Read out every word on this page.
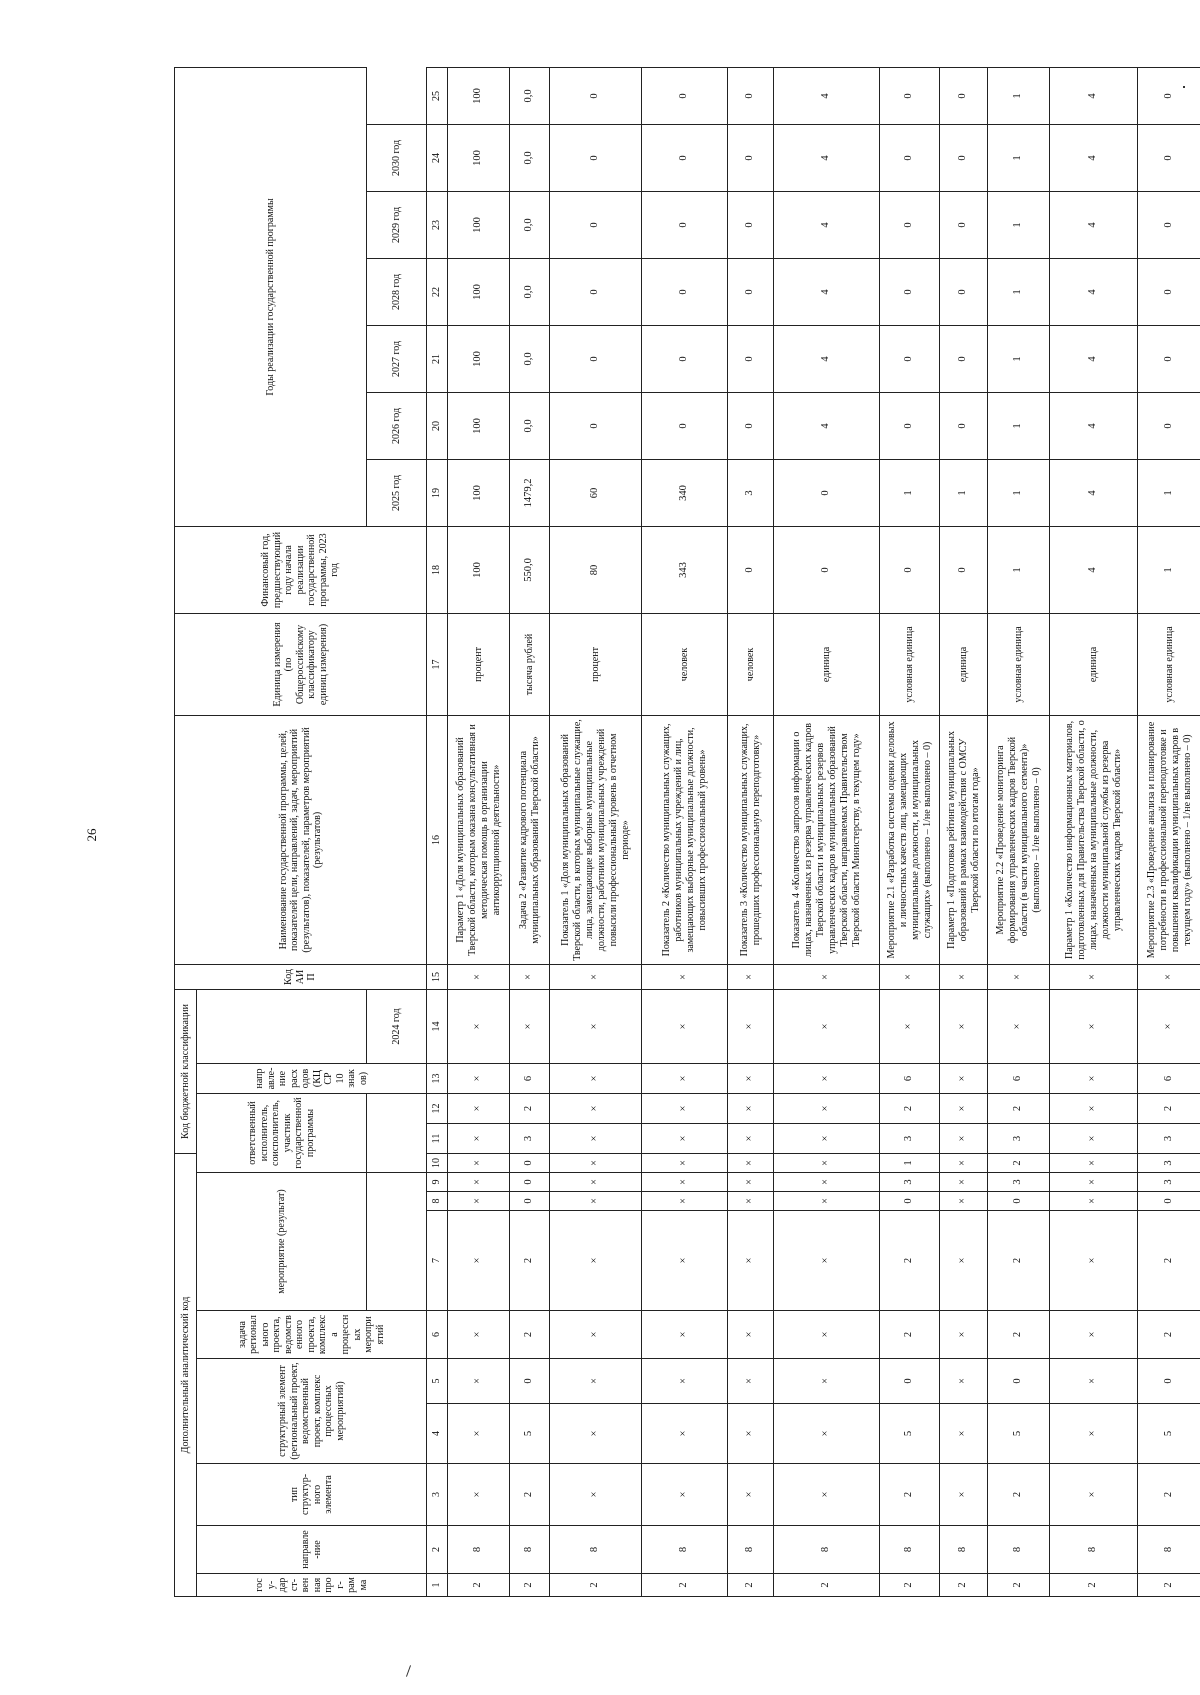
26
Дополнительный аналитический код										Код бюджетной классификации				Код АИП	Наименование государственной программы, целей, показателей цели, направлений, задач, мероприятий (результатов), показателей, параметров мероприятий (результатов)	Единица измерения (по Общероссийскому классификатору единиц измерения)	Финансовый год, предшествующий году начала реализации государственной программы, 2023 год	Годы реализации государственной программы						
госу-дарст-венная прог-рамма	направле-ние	тип структур-ного элемента	структурный элемент (региональный проект, ведомственный проект, комплекс процессных мероприятий)		задача регионального проекта, ведомственного проекта, комплекса процессных мероприятий	мероприятие (результат)			ответственный исполнитель, соисполнитель, участник государственной программы			направле-ние расходов (КЦСР 10 знаков)												
													2024 год					2025 год	2026 год	2027 год	2028 год	2029 год	2030 год	
1	2	3	4	5	6	7	8	9	10	11	12	13	14	15	16	17	18	19	20	21	22	23	24	25
2	8	×	×	×	×	×	×	×	×	×	×	×	×	×	Параметр 1 «Доля муниципальных образований Тверской области, которым оказана консультативная и методическая помощь в организации антикоррупционной деятельности»	процент	100	100	100	100	100	100	100	100
2	8	2	5	0	2	2	0	0	0	3	2	6	×	×	Задача 2 «Развитие кадрового потенциала муниципальных образований Тверской области»	тысяча рублей	550,0	1479,2	0,0	0,0	0,0	0,0	0,0	0,0
2	8	×	×	×	×	×	×	×	×	×	×	×	×	×	Показатель 1 «Доля муниципальных образований Тверской области, в которых муниципальные служащие, лица, замещающие выборные муниципальные должности, работники муниципальных учреждений повысили профессиональный уровень в отчетном периоде»	процент	80	60	0	0	0	0	0	0
2	8	×	×	×	×	×	×	×	×	×	×	×	×	×	Показатель 2 «Количество муниципальных служащих, работников муниципальных учреждений и лиц, замещающих выборные муниципальные должности, повысивших профессиональный уровень»	человек	343	340	0	0	0	0	0	0
2	8	×	×	×	×	×	×	×	×	×	×	×	×	×	Показатель 3 «Количество муниципальных служащих, прошедших профессиональную переподготовку»	человек	0	3	0	0	0	0	0	0
2	8	×	×	×	×	×	×	×	×	×	×	×	×	×	Показатель 4 «Количество запросов информации о лицах, назначенных из резерва управленческих кадров Тверской области и муниципальных резервов управленческих кадров муниципальных образований Тверской области, направляемых Правительством Тверской области Министерству, в текущем году»	единица	0	0	4	4	4	4	4	4
2	8	2	5	0	2	2	0	3	1	3	2	6	×	×	Мероприятие 2.1 «Разработка системы оценки деловых и личностных качеств лиц, замещающих муниципальные должности, и муниципальных служащих» (выполнено – 1/не выполнено – 0)	условная единица	0	1	0	0	0	0	0	0
2	8	×	×	×	×	×	×	×	×	×	×	×	×	×	Параметр 1 «Подготовка рейтинга муниципальных образований в рамках взаимодействия с ОМСУ Тверской области по итогам года»	единица	0	1	0	0	0	0	0	0
2	8	2	5	0	2	2	0	3	2	3	2	6	×	×	Мероприятие 2.2 «Проведение мониторинга формирования управленческих кадров Тверской области (в части муниципального сегмента)» (выполнено – 1/не выполнено – 0)	условная единица	1	1	1	1	1	1	1	1
2	8	×	×	×	×	×	×	×	×	×	×	×	×	×	Параметр 1 «Количество информационных материалов, подготовленных для Правительства Тверской области, о лицах, назначенных на муниципальные должности, должности муниципальной службы из резерва управленческих кадров Тверской области»	единица	4	4	4	4	4	4	4	4
2	8	2	5	0	2	2	0	3	3	3	2	6	×	×	Мероприятие 2.3 «Проведение анализа и планирование потребности в профессиональной переподготовке и повышении квалификации муниципальных кадров в текущем году» (выполнено – 1/не выполнено – 0)	условная единица	1	1	0	0	0	0	0	0
